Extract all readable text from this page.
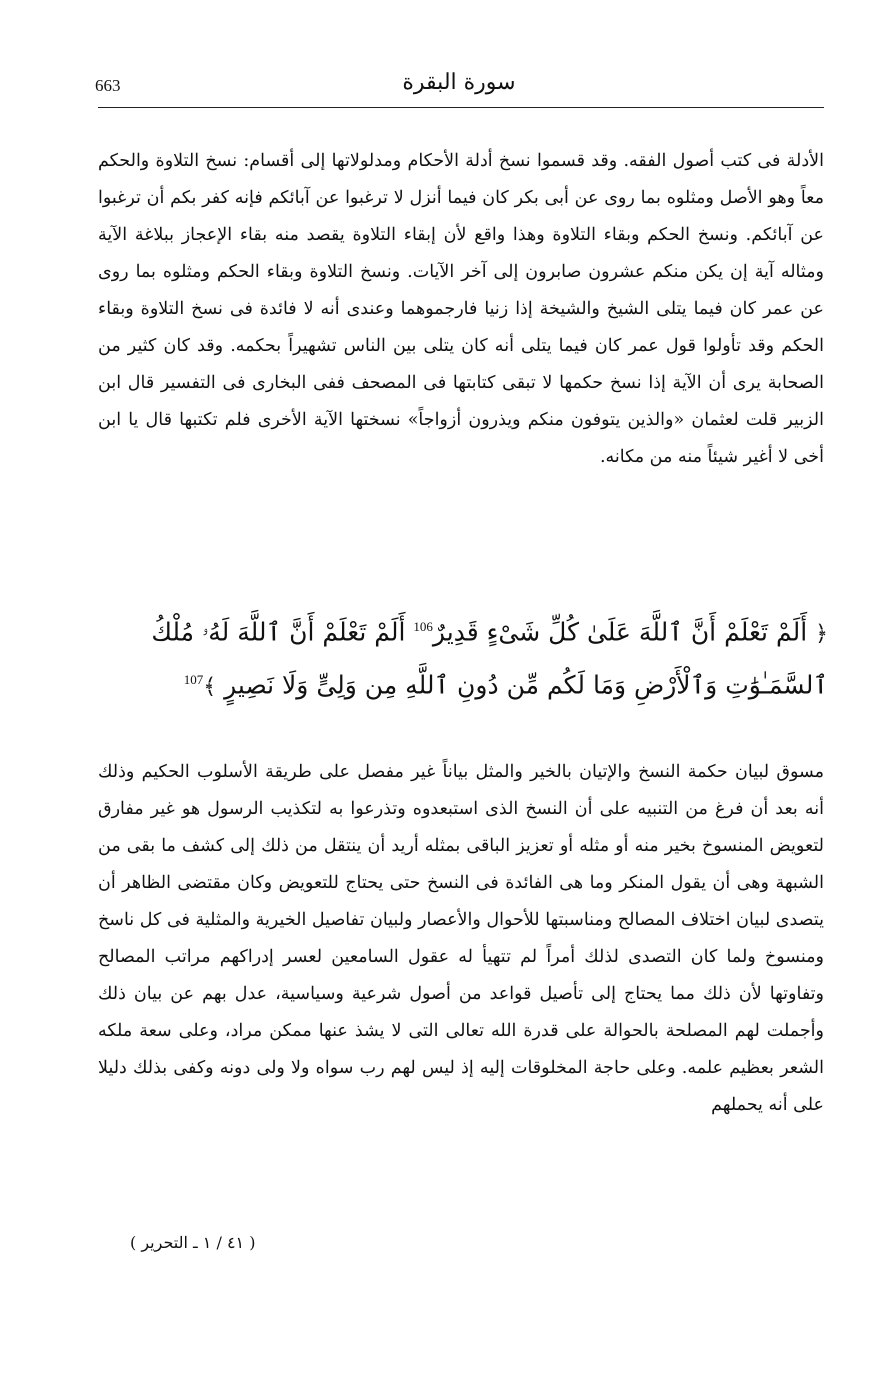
663	سورة البقرة

الأدلة فى كتب أصول الفقه. وقد قسموا نسخ أدلة الأحكام ومدلولاتها إلى أقسام: نسخ التلاوة والحكم معاً وهو الأصل ومثلوه بما روى عن أبى بكر كان فيما أنزل لا ترغبوا عن آبائكم فإنه كفر بكم أن ترغبوا عن آبائكم. ونسخ الحكم وبقاء التلاوة وهذا واقع لأن إبقاء التلاوة يقصد منه بقاء الإعجاز ببلاغة الآية ومثاله آية إن يكن منكم عشرون صابرون إلى آخر الآيات. ونسخ التلاوة وبقاء الحكم ومثلوه بما روى عن عمر كان فيما يتلى الشيخ والشيخة إذا زنيا فارجموهما وعندى أنه لا فائدة فى نسخ التلاوة وبقاء الحكم وقد تأولوا قول عمر كان فيما يتلى أنه كان يتلى بين الناس تشهيراً بحكمه. وقد كان كثير من الصحابة يرى أن الآية إذا نسخ حكمها لا تبقى كتابتها فى المصحف ففى البخارى فى التفسير قال ابن الزبير قلت لعثمان «والذين يتوفون منكم ويذرون أزواجاً» نسختها الآية الأخرى فلم تكتبها قال يا ابن أخى لا أغير شيئاً منه من مكانه.

﴿ أَلَمْ تَعْلَمْ أَنَّ ٱللَّهَ عَلَىٰ كُلِّ شَىْءٍ قَدِيرٌ$^{106}$ أَلَمْ تَعْلَمْ أَنَّ ٱللَّهَ لَهُۥ مُلْكُ ٱلسَّمَـٰوَٰتِ وَٱلْأَرْضِ وَمَا لَكُم مِّن دُونِ ٱللَّهِ مِن وَلِىٍّ وَلَا نَصِيرٍ ﴾$^{107}$

مسوق لبيان حكمة النسخ والإتيان بالخير والمثل بياناً غير مفصل على طريقة الأسلوب الحكيم وذلك أنه بعد أن فرغ من التنبيه على أن النسخ الذى استبعدوه وتذرعوا به لتكذيب الرسول هو غير مفارق لتعويض المنسوخ بخير منه أو مثله أو تعزيز الباقى بمثله أريد أن ينتقل من ذلك إلى كشف ما بقى من الشبهة وهى أن يقول المنكر وما هى الفائدة فى النسخ حتى يحتاج للتعويض وكان مقتضى الظاهر أن يتصدى لبيان اختلاف المصالح ومناسبتها للأحوال والأعصار ولبيان تفاصيل الخيرية والمثلية فى كل ناسخ ومنسوخ ولما كان التصدى لذلك أمراً لم تتهيأ له عقول السامعين لعسر إدراكهم مراتب المصالح وتفاوتها لأن ذلك مما يحتاج إلى تأصيل قواعد من أصول شرعية وسياسية، عدل بهم عن بيان ذلك وأجملت لهم المصلحة بالحوالة على قدرة الله تعالى التى لا يشذ عنها ممكن مراد، وعلى سعة ملكه الشعر بعظيم علمه. وعلى حاجة المخلوقات إليه إذ ليس لهم رب سواه ولا ولى دونه وكفى بذلك دليلا على أنه يحملهم

( ٤١ / ١ ـ التحرير )
